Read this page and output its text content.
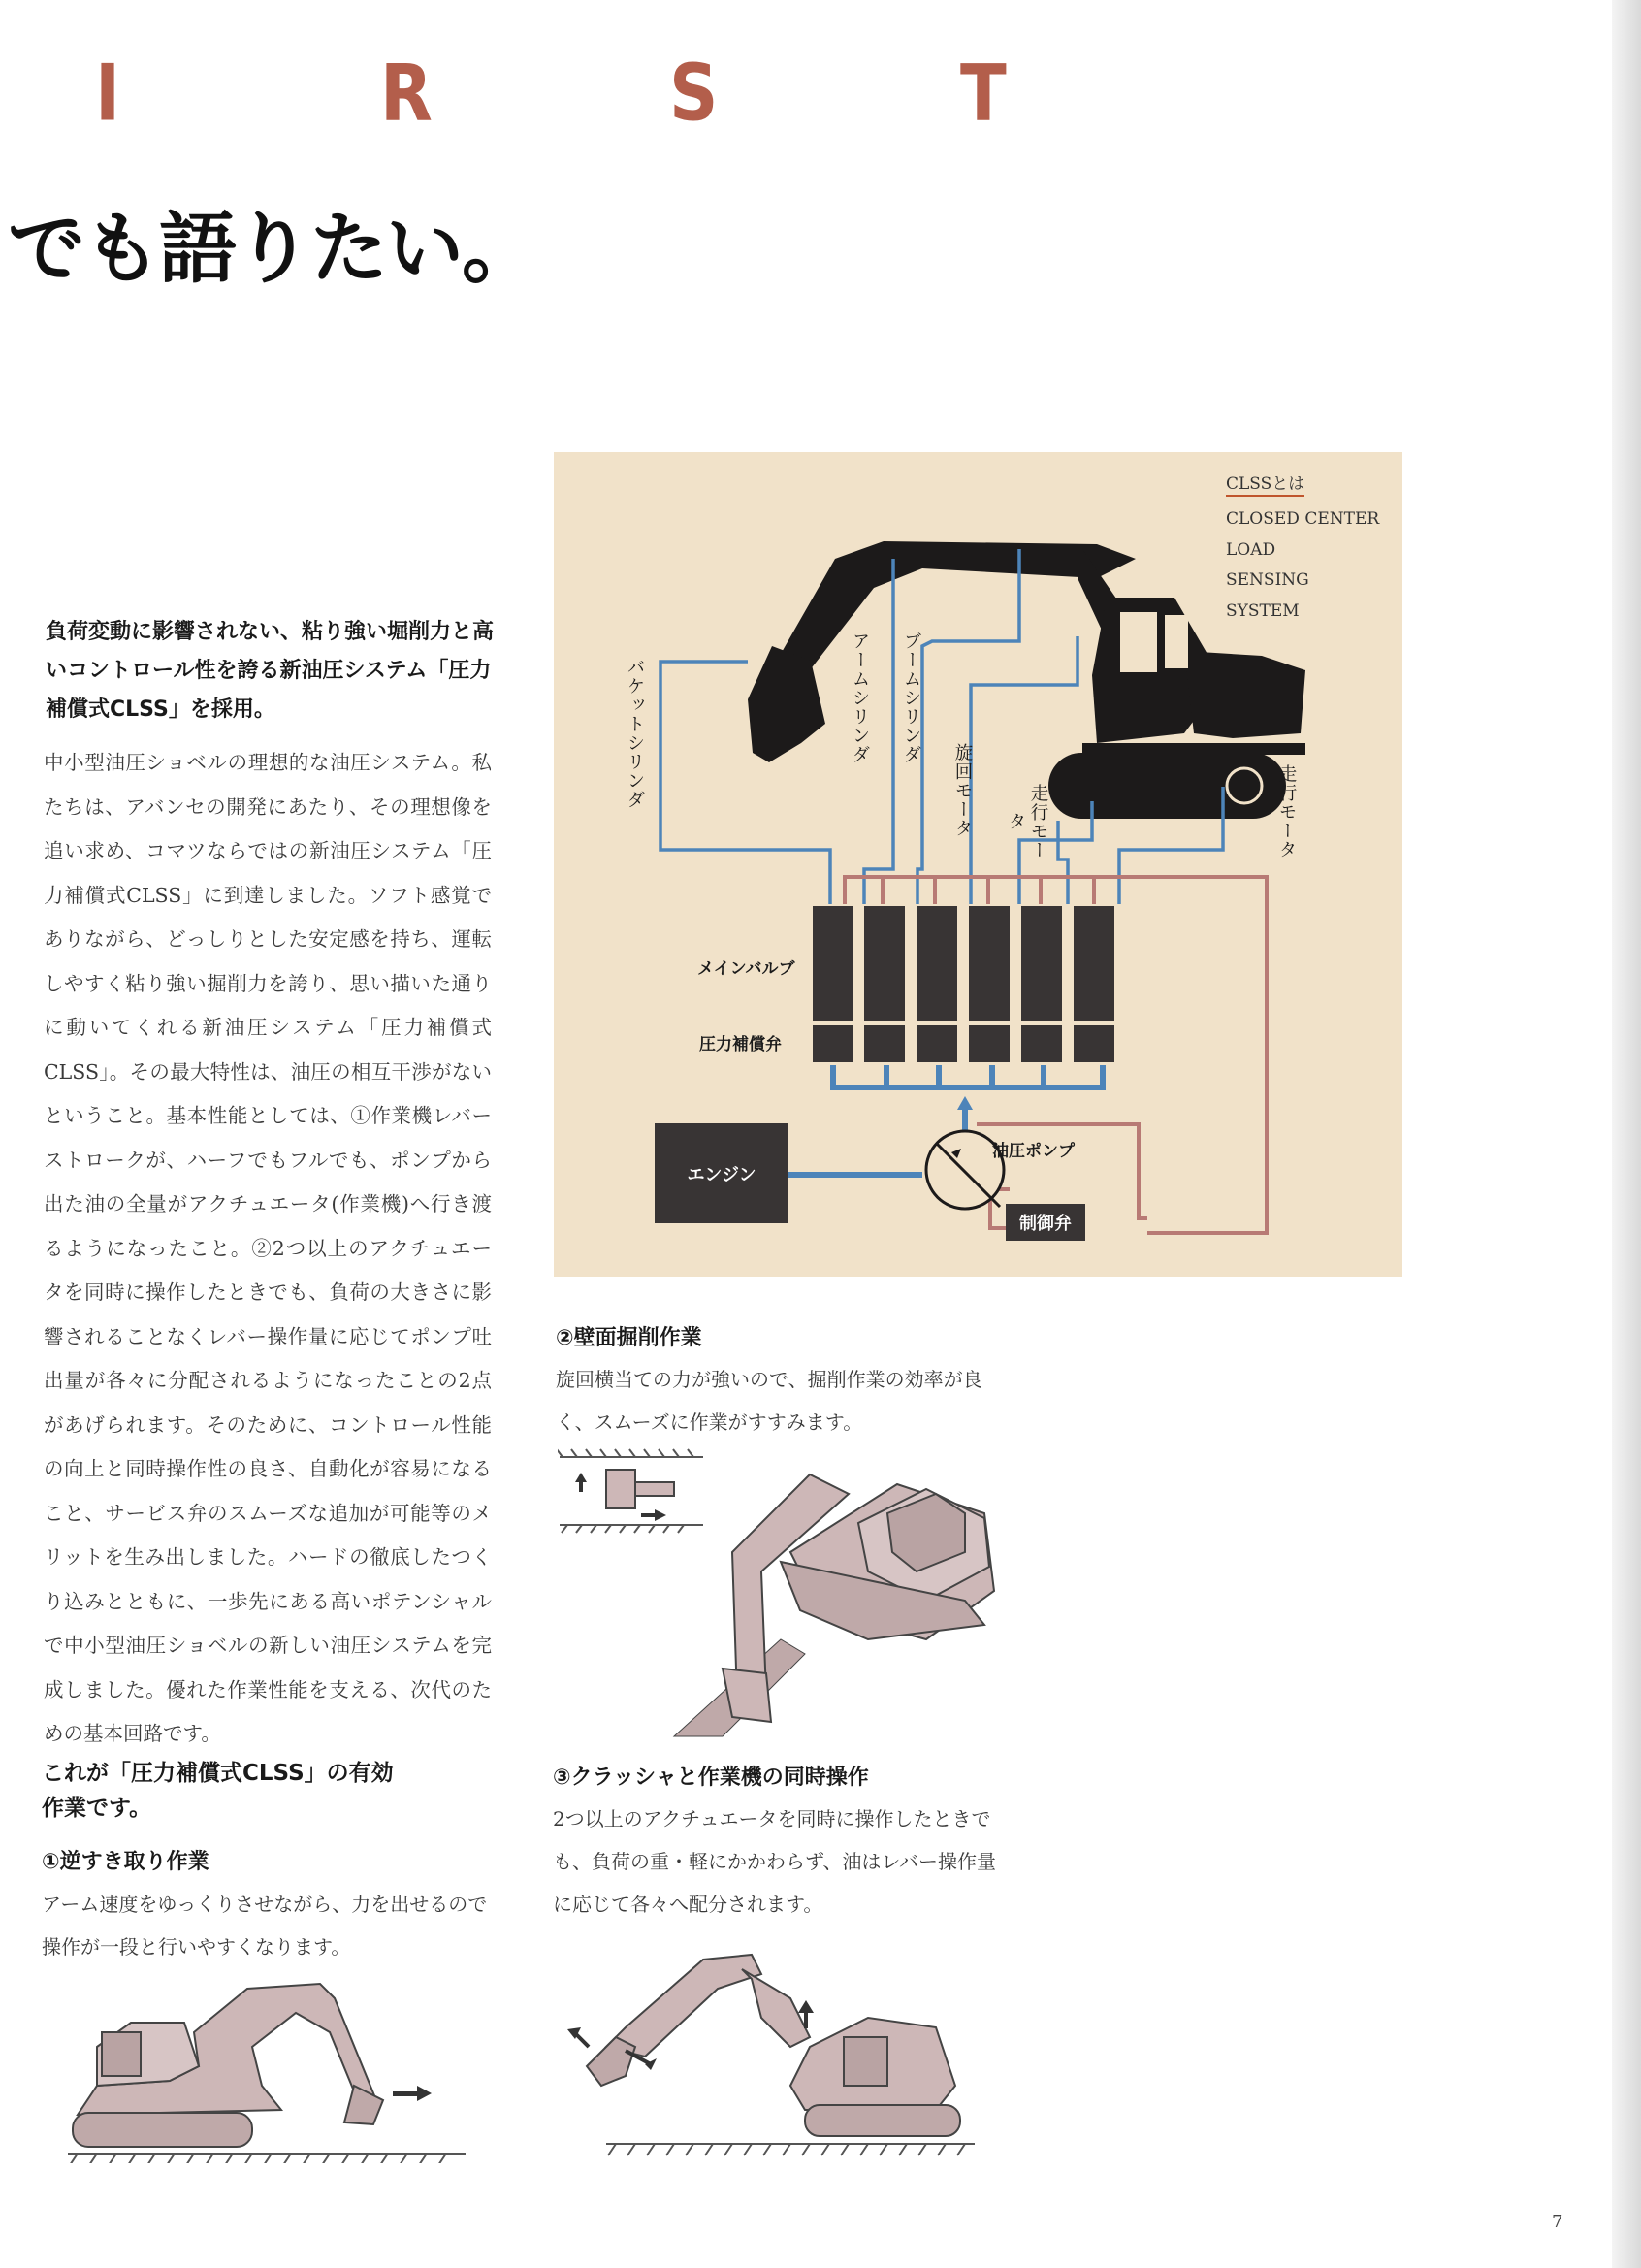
I	R	S	T
でも語りたい。
負荷変動に影響されない、粘り強い堀削力と高いコントロール性を誇る新油圧システム「圧力補償式CLSS」を採用。
中小型油圧ショベルの理想的な油圧システム。私たちは、アバンセの開発にあたり、その理想像を追い求め、コマツならではの新油圧システム「圧力補償式CLSS」に到達しました。ソフト感覚でありながら、どっしりとした安定感を持ち、運転しやすく粘り強い掘削力を誇り、思い描いた通りに動いてくれる新油圧システム「圧力補償式CLSS」。その最大特性は、油圧の相互干渉がないということ。基本性能としては、①作業機レバーストロークが、ハーフでもフルでも、ポンプから出た油の全量がアクチュエータ(作業機)へ行き渡るようになったこと。②2つ以上のアクチュエータを同時に操作したときでも、負荷の大きさに影響されることなくレバー操作量に応じてポンプ吐出量が各々に分配されるようになったことの2点があげられます。そのために、コントロール性能の向上と同時操作性の良さ、自動化が容易になること、サービス弁のスムーズな追加が可能等のメリットを生み出しました。ハードの徹底したつくり込みとともに、一歩先にある高いポテンシャルで中小型油圧ショベルの新しい油圧システムを完成しました。優れた作業性能を支える、次代のための基本回路です。
これが「圧力補償式CLSS」の有効作業です。
①逆すき取り作業
アーム速度をゆっくりさせながら、力を出せるので操作が一段と行いやすくなります。
②壁面掘削作業
旋回横当ての力が強いので、掘削作業の効率が良く、スムーズに作業がすすみます。
③クラッシャと作業機の同時操作
2つ以上のアクチュエータを同時に操作したときでも、負荷の重・軽にかかわらず、油はレバー操作量に応じて各々へ配分されます。
CLSSとは
CLOSED CENTER
LOAD
SENSING
SYSTEM
バケットシリンダ	アームシリンダ ブームシリンダ
旋回モータ	走行モータ	走行モータ
メインバルブ
圧力補償弁
エンジン
油圧ポンプ
制御弁
7
